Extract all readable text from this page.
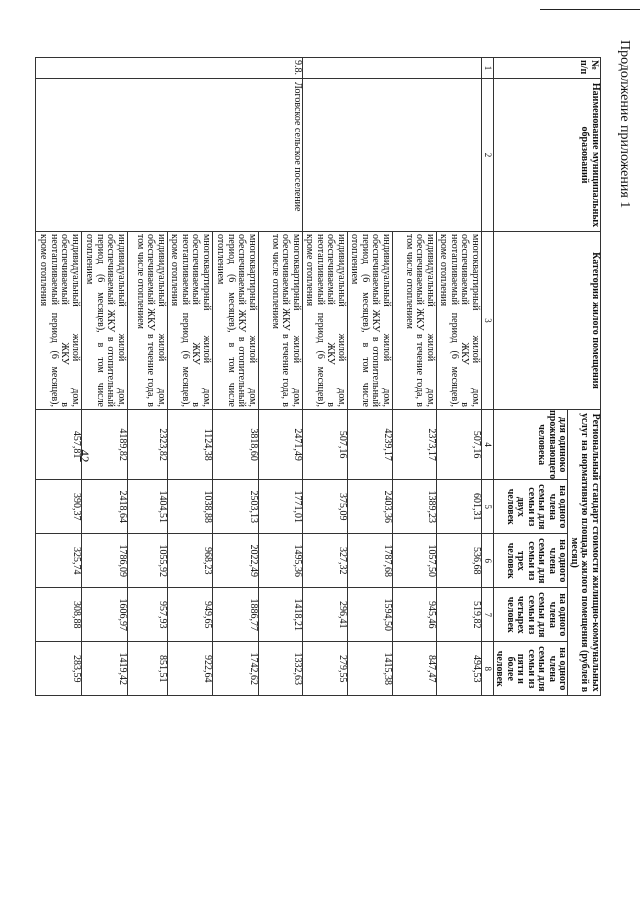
42
Продолжение приложения 1
№ п/п	Наименование муниципальных образований	Категория жилого помещения	Региональный стандарт стоимости жилищно-коммунальных услуг на нормативную площадь жилого помещения (рублей в месяц)				
			для одиноко проживающего человека	на одного члена семьи для семьи из двух человек	на одного члена семьи для семьи из трех человек	на одного члена семьи для семьи из четырех человек	на одного члена семьи для семьи из пяти и более человек
1	2	3	4	5	6	7	8
		многоквартирный жилой дом, обеспечиваемый ЖКУ в неотапливаемый период (6 месяцев), кроме отопления	507,16	601,31	536,68	519,82	494,53
		индивидуальный жилой дом, обеспечиваемый ЖКУ в течение года, в том числе отоплением	2373,17	1389,23	1057,50	945,46	847,47
		индивидуальный жилой дом, обеспечиваемый ЖКУ в отопительный период (6 месяцев), в том числе отоплением	4239,17	2403,36	1787,68	1594,50	1415,38
		индивидуальный жилой дом, обеспечиваемый ЖКУ в неотапливаемый период (6 месяцев), кроме отопления	507,16	375,09	327,32	296,41	279,55
9.8.	Логовское сельское поселение	многоквартирный жилой дом, обеспечиваемый ЖКУ в течение года, в том числе отоплением	2471,49	1771,01	1495,36	1418,21	1332,63
		многоквартирный жилой дом, обеспечиваемый ЖКУ в отопительный период (6 месяцев), в том числе отоплением	3818,60	2503,13	2022,49	1886,77	1742,62
		многоквартирный жилой дом, обеспечиваемый ЖКУ в неотапливаемый период (6 месяцев), кроме отопления	1124,38	1038,88	968,23	949,65	922,64
		индивидуальный жилой дом, обеспечиваемый ЖКУ в течение года, в том числе отоплением	2323,82	1404,51	1055,92	957,93	851,51
		индивидуальный жилой дом, обеспечиваемый ЖКУ в отопительный период (6 месяцев), в том числе отоплением	4189,82	2418,64	1786,09	1606,97	1419,42
		индивидуальный жилой дом, обеспечиваемый ЖКУ в неотапливаемый период (6 месяцев), кроме отопления	457,81	390,37	325,74	308,88	283,59
